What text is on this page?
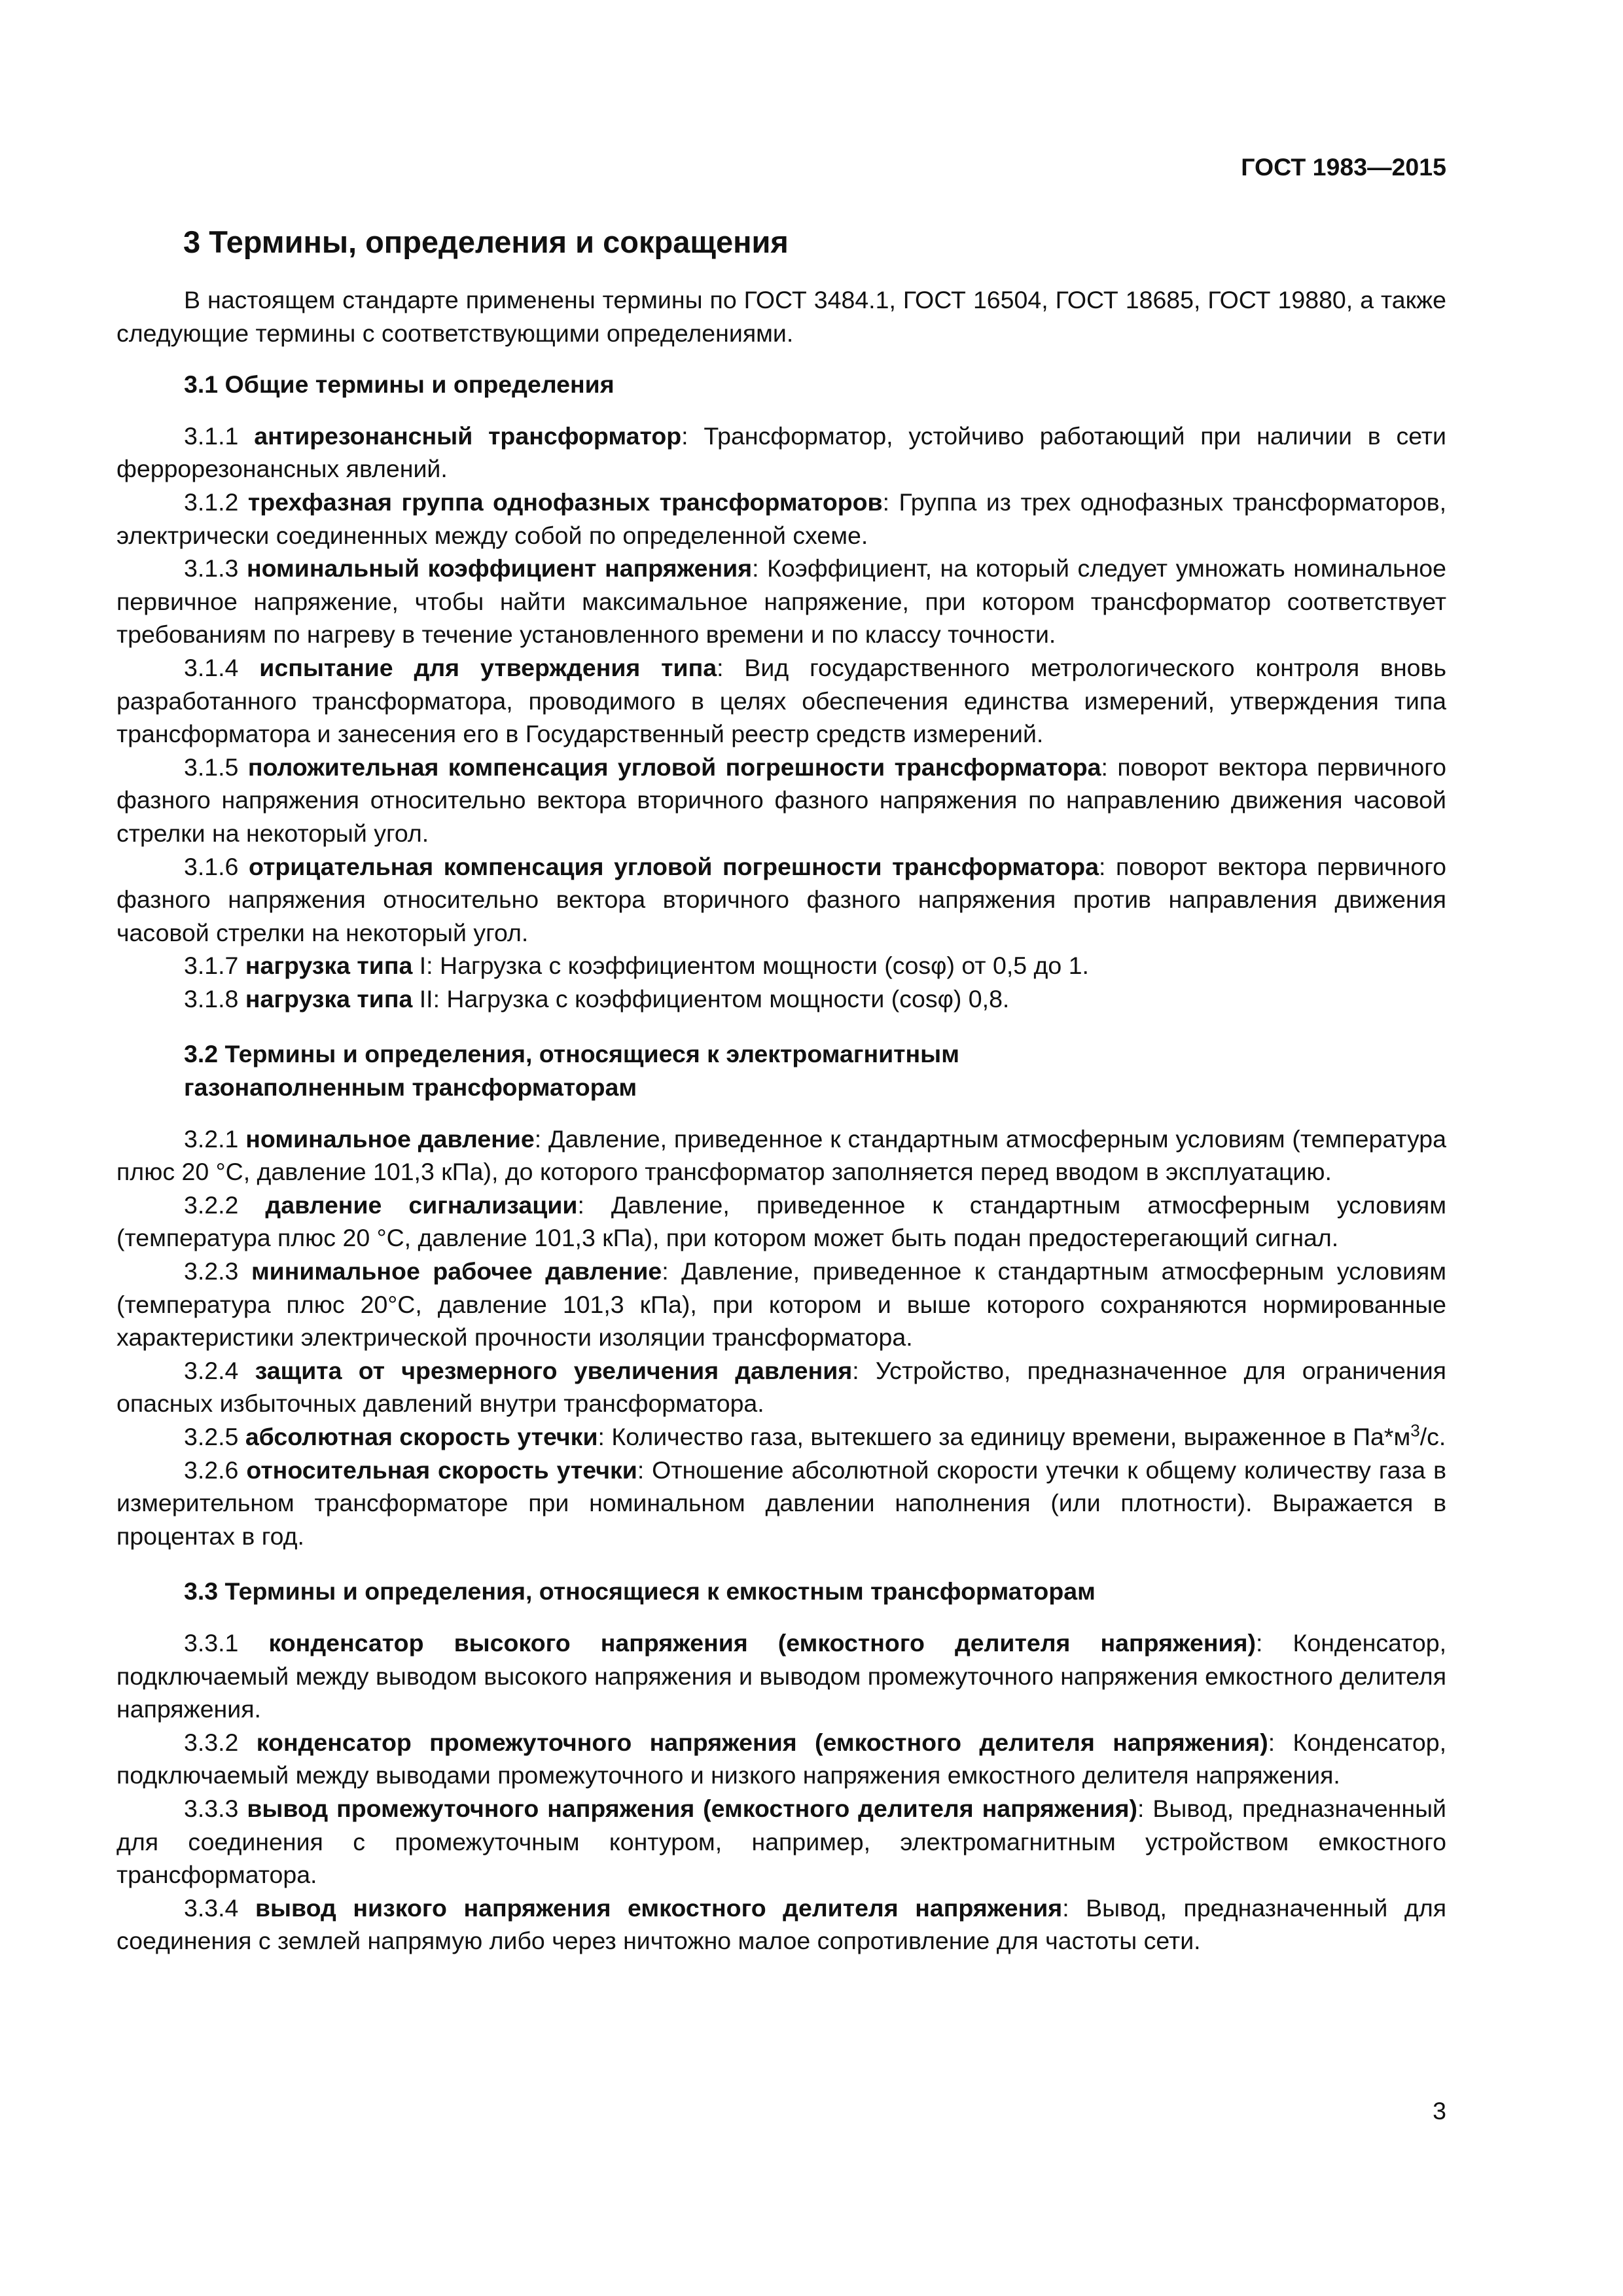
ГОСТ 1983—2015
3 Термины, определения и сокращения

В настоящем стандарте применены термины по ГОСТ 3484.1, ГОСТ 16504, ГОСТ 18685, ГОСТ 19880, а также следующие термины с соответствующими определениями.

3.1 Общие термины и определения

3.1.1 антирезонансный трансформатор: Трансформатор, устойчиво работающий при наличии в сети феррорезонансных явлений.

3.1.2 трехфазная группа однофазных трансформаторов: Группа из трех однофазных трансформаторов, электрически соединенных между собой по определенной схеме.

3.1.3 номинальный коэффициент напряжения: Коэффициент, на который следует умножать номинальное первичное напряжение, чтобы найти максимальное напряжение, при котором трансформатор соответствует требованиям по нагреву в течение установленного времени и по классу точности.

3.1.4 испытание для утверждения типа: Вид государственного метрологического контроля вновь разработанного трансформатора, проводимого в целях обеспечения единства измерений, утверждения типа трансформатора и занесения его в Государственный реестр средств измерений.

3.1.5 положительная компенсация угловой погрешности трансформатора: поворот вектора первичного фазного напряжения относительно вектора вторичного фазного напряжения по направлению движения часовой стрелки на некоторый угол.

3.1.6 отрицательная компенсация угловой погрешности трансформатора: поворот вектора первичного фазного напряжения относительно вектора вторичного фазного напряжения против направления движения часовой стрелки на некоторый угол.

3.1.7 нагрузка типа I: Нагрузка с коэффициентом мощности (cosφ) от 0,5 до 1.

3.1.8 нагрузка типа II: Нагрузка с коэффициентом мощности (cosφ) 0,8.

3.2 Термины и определения, относящиеся к электромагнитным
газонаполненным трансформаторам

3.2.1 номинальное давление: Давление, приведенное к стандартным атмосферным условиям (температура плюс 20 °С, давление 101,3 кПа), до которого трансформатор заполняется перед вводом в эксплуатацию.

3.2.2 давление сигнализации: Давление, приведенное к стандартным атмосферным условиям (температура плюс 20 °С, давление 101,3 кПа), при котором может быть подан предостерегающий сигнал.

3.2.3 минимальное рабочее давление: Давление, приведенное к стандартным атмосферным условиям (температура плюс 20°С, давление 101,3 кПа), при котором и выше которого сохраняются нормированные характеристики электрической прочности изоляции трансформатора.

3.2.4 защита от чрезмерного увеличения давления: Устройство, предназначенное для ограничения опасных избыточных давлений внутри трансформатора.

3.2.5 абсолютная скорость утечки: Количество газа, вытекшего за единицу времени, выраженное в $Па*м^3/с$.

3.2.6 относительная скорость утечки: Отношение абсолютной скорости утечки к общему количеству газа в измерительном трансформаторе при номинальном давлении наполнения (или плотности). Выражается в процентах в год.

3.3 Термины и определения, относящиеся к емкостным трансформаторам

3.3.1 конденсатор высокого напряжения (емкостного делителя напряжения): Конденсатор, подключаемый между выводом высокого напряжения и выводом промежуточного напряжения емкостного делителя напряжения.

3.3.2 конденсатор промежуточного напряжения (емкостного делителя напряжения): Конденсатор, подключаемый между выводами промежуточного и низкого напряжения емкостного делителя напряжения.

3.3.3 вывод промежуточного напряжения (емкостного делителя напряжения): Вывод, предназначенный для соединения с промежуточным контуром, например, электромагнитным устройством емкостного трансформатора.

3.3.4 вывод низкого напряжения емкостного делителя напряжения: Вывод, предназначенный для соединения с землей напрямую либо через ничтожно малое сопротивление для частоты сети.

3
